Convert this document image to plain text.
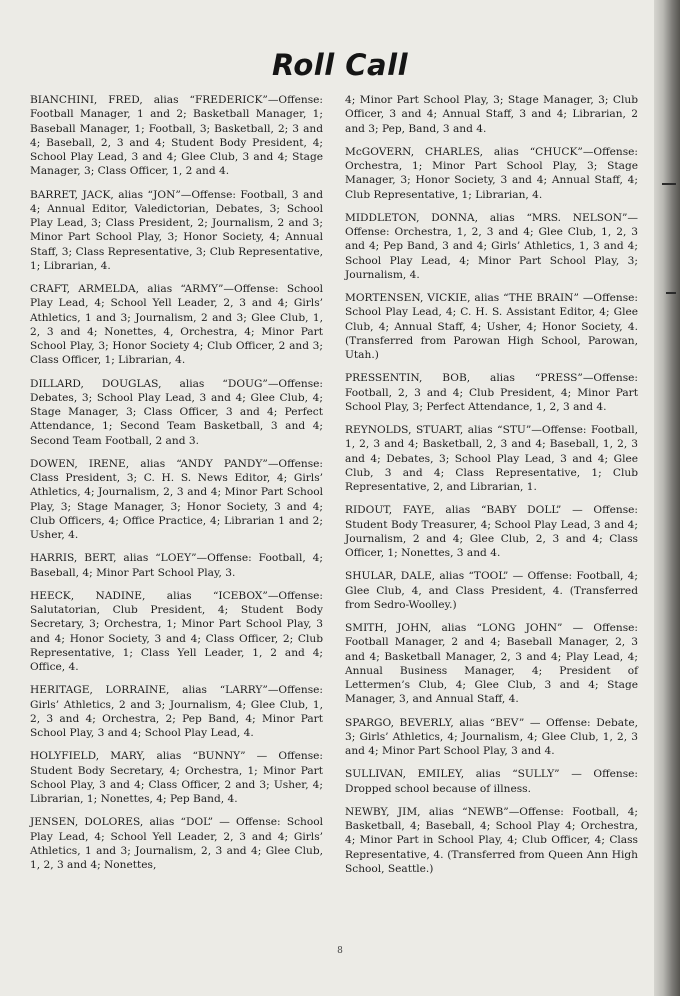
Roll Call

BIANCHINI, FRED, alias “FREDERICK”—Offense: Football Manager, 1 and 2; Basketball Manager, 1; Baseball Manager, 1; Football, 3; Basketball, 2; 3 and 4; Baseball, 2, 3 and 4; Student Body President, 4; School Play Lead, 3 and 4; Glee Club, 3 and 4; Stage Manager, 3; Class Officer, 1, 2 and 4.

BARRET, JACK, alias “JON”—Offense: Football, 3 and 4; Annual Editor, Valedictorian, Debates, 3; School Play Lead, 3; Class President, 2; Journalism, 2 and 3; Minor Part School Play, 3; Honor Society, 4; Annual Staff, 3; Class Representative, 3; Club Representative, 1; Librarian, 4.

CRAFT, ARMELDA, alias “ARMY”—Offense: School Play Lead, 4; School Yell Leader, 2, 3 and 4; Girls’ Athletics, 1 and 3; Journalism, 2 and 3; Glee Club, 1, 2, 3 and 4; Nonettes, 4, Orchestra, 4; Minor Part School Play, 3; Honor Society 4; Club Officer, 2 and 3; Class Officer, 1; Librarian, 4.

DILLARD, DOUGLAS, alias “DOUG”—Offense: Debates, 3; School Play Lead, 3 and 4; Glee Club, 4; Stage Manager, 3; Class Officer, 3 and 4; Perfect Attendance, 1; Second Team Basketball, 3 and 4; Second Team Football, 2 and 3.

DOWEN, IRENE, alias “ANDY PANDY”—Offense: Class President, 3; C. H. S. News Editor, 4; Girls’ Athletics, 4; Journalism, 2, 3 and 4; Minor Part School Play, 3; Stage Manager, 3; Honor Society, 3 and 4; Club Officers, 4; Office Practice, 4; Librarian 1 and 2; Usher, 4.

HARRIS, BERT, alias “LOEY”—Offense: Football, 4; Baseball, 4; Minor Part School Play, 3.

HEECK, NADINE, alias “ICEBOX”—Offense: Salutatorian, Club President, 4; Student Body Secretary, 3; Orchestra, 1; Minor Part School Play, 3 and 4; Honor Society, 3 and 4; Class Officer, 2; Club Representative, 1; Class Yell Leader, 1, 2 and 4; Office, 4.

HERITAGE, LORRAINE, alias “LARRY”—Offense: Girls’ Athletics, 2 and 3; Journalism, 4; Glee Club, 1, 2, 3 and 4; Orchestra, 2; Pep Band, 4; Minor Part School Play, 3 and 4; School Play Lead, 4.

HOLYFIELD, MARY, alias “BUNNY” — Offense: Student Body Secretary, 4; Orchestra, 1; Minor Part School Play, 3 and 4; Class Officer, 2 and 3; Usher, 4; Librarian, 1; Nonettes, 4; Pep Band, 4.

JENSEN, DOLORES, alias “DOL” — Offense: School Play Lead, 4; School Yell Leader, 2, 3 and 4; Girls’ Athletics, 1 and 3; Journalism, 2, 3 and 4; Glee Club, 1, 2, 3 and 4; Nonettes,

4; Minor Part School Play, 3; Stage Manager, 3; Club Officer, 3 and 4; Annual Staff, 3 and 4; Librarian, 2 and 3; Pep, Band, 3 and 4.

McGOVERN, CHARLES, alias “CHUCK”—Offense: Orchestra, 1; Minor Part School Play, 3; Stage Manager, 3; Honor Society, 3 and 4; Annual Staff, 4; Club Representative, 1; Librarian, 4.

MIDDLETON, DONNA, alias “MRS. NELSON”—Offense: Orchestra, 1, 2, 3 and 4; Glee Club, 1, 2, 3 and 4; Pep Band, 3 and 4; Girls’ Athletics, 1, 3 and 4; School Play Lead, 4; Minor Part School Play, 3; Journalism, 4.

MORTENSEN, VICKIE, alias “THE BRAIN” —Offense: School Play Lead, 4; C. H. S. Assistant Editor, 4; Glee Club, 4; Annual Staff, 4; Usher, 4; Honor Society, 4. (Transferred from Parowan High School, Parowan, Utah.)

PRESSENTIN, BOB, alias “PRESS”—Offense: Football, 2, 3 and 4; Club President, 4; Minor Part School Play, 3; Perfect Attendance, 1, 2, 3 and 4.

REYNOLDS, STUART, alias “STU”—Offense: Football, 1, 2, 3 and 4; Basketball, 2, 3 and 4; Baseball, 1, 2, 3 and 4; Debates, 3; School Play Lead, 3 and 4; Glee Club, 3 and 4; Class Representative, 1; Club Representative, 2, and Librarian, 1.

RIDOUT, FAYE, alias “BABY DOLL” — Offense: Student Body Treasurer, 4; School Play Lead, 3 and 4; Journalism, 2 and 4; Glee Club, 2, 3 and 4; Class Officer, 1; Nonettes, 3 and 4.

SHULAR, DALE, alias “TOOL” — Offense: Football, 4; Glee Club, 4, and Class President, 4. (Transferred from Sedro-Woolley.)

SMITH, JOHN, alias “LONG JOHN” — Offense: Football Manager, 2 and 4; Baseball Manager, 2, 3 and 4; Basketball Manager, 2, 3 and 4; Play Lead, 4; Annual Business Manager, 4; President of Lettermen’s Club, 4; Glee Club, 3 and 4; Stage Manager, 3, and Annual Staff, 4.

SPARGO, BEVERLY, alias “BEV” — Offense: Debate, 3; Girls’ Athletics, 4; Journalism, 4; Glee Club, 1, 2, 3 and 4; Minor Part School Play, 3 and 4.

SULLIVAN, EMILEY, alias “SULLY” — Offense: Dropped school because of illness.

NEWBY, JIM, alias “NEWB”—Offense: Football, 4; Basketball, 4; Baseball, 4; School Play 4; Orchestra, 4; Minor Part in School Play, 4; Club Officer, 4; Class Representative, 4. (Transferred from Queen Ann High School, Seattle.)

8
